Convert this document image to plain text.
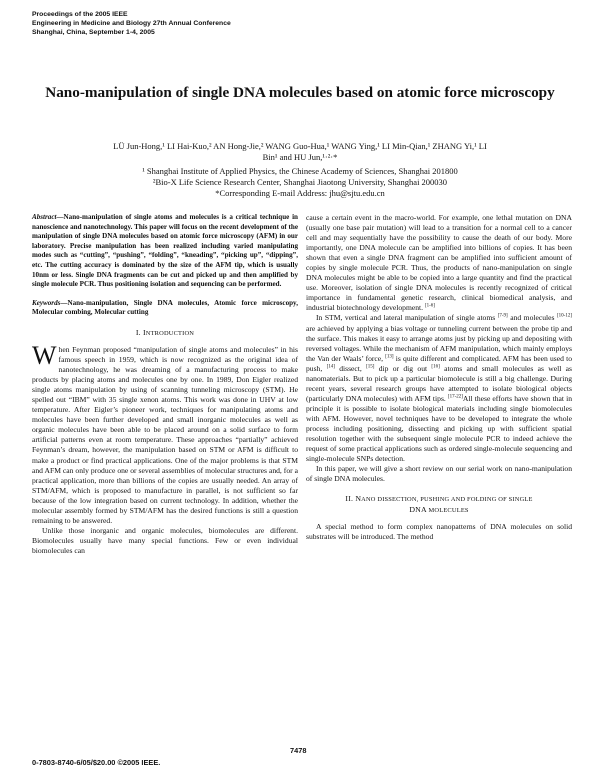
Proceedings of the 2005 IEEE
Engineering in Medicine and Biology 27th Annual Conference
Shanghai, China, September 1-4, 2005
Nano-manipulation of single DNA molecules based on atomic force microscopy
LÜ Jun-Hong,¹ LI Hai-Kuo,² AN Hong-Jie,² WANG Guo-Hua,¹ WANG Ying,¹ LI Min-Qian,¹ ZHANG Yi,¹ LI
Bin¹ and HU Jun,¹·²·*
¹ Shanghai Institute of Applied Physics, the Chinese Academy of Sciences, Shanghai 201800
²Bio-X Life Science Research Center, Shanghai Jiaotong University, Shanghai 200030
*Corresponding E-mail Address: jhu@sjtu.edu.cn

Abstract—Nano-manipulation of single atoms and molecules is a critical technique in nanoscience and nanotechnology. This paper will focus on the recent development of the manipulation of single DNA molecules based on atomic force microscopy (AFM) in our laboratory. Precise manipulation has been realized including varied manipulating modes such as “cutting”, “pushing”, “folding”, “kneading”, “picking up”, “dipping”, etc. The cutting accuracy is dominated by the size of the AFM tip, which is usually 10nm or less. Single DNA fragments can be cut and picked up and then amplified by single molecule PCR. Thus positioning isolation and sequencing can be performed.

Keywords—Nano-manipulation, Single DNA molecules, Atomic force microscopy, Molecular combing, Molecular cutting

I. INTRODUCTION

When Feynman proposed “manipulation of single atoms and molecules” in his famous speech in 1959, which is now recognized as the original idea of nanotechnology, he was dreaming of a manufacturing process to make products by placing atoms and molecules one by one. In 1989, Don Eigler realized single atoms manipulation by using of scanning tunneling microscopy (STM). He spelled out “IBM” with 35 single xenon atoms. This work was done in UHV at low temperature. After Eigler’s pioneer work, techniques for manipulating atoms and molecules have been further developed and small inorganic molecules as well as organic molecules have been able to be placed around on a solid surface to form artificial patterns even at room temperature. These approaches “partially” achieved Feynman’s dream, however, the manipulation based on STM or AFM is difficult to make a product or find practical applications. One of the major problems is that STM and AFM can only produce one or several assemblies of molecular structures and, for a practical application, more than billions of the copies are usually needed. An array of STM/AFM, which is proposed to manufacture in parallel, is not sufficient so far because of the low integration based on current technology. In addition, whether the molecular assembly formed by STM/AFM has the desired functions is still a question remaining to be answered.

Unlike those inorganic and organic molecules, biomolecules are different. Biomolecules usually have many special functions. Few or even individual biomolecules can

cause a certain event in the macro-world. For example, one lethal mutation on DNA (usually one base pair mutation) will lead to a transition for a normal cell to a cancer cell and may sequentially have the possibility to cause the death of our body. More importantly, one DNA molecule can be amplified into billions of copies. It has been shown that even a single DNA fragment can be amplified into sufficient amount of copies by single molecule PCR. Thus, the products of nano-manipulation on single DNA molecules might be able to be copied into a large quantity and find the practical use. Moreover, isolation of single DNA molecules is recently recognized of critical importance in fundamental genetic research, clinical biomedical analysis, and industrial biotechnology development. [1-6]

In STM, vertical and lateral manipulation of single atoms [7-9] and molecules [10-12] are achieved by applying a bias voltage or tunneling current between the probe tip and the surface. This makes it easy to arrange atoms just by picking up and depositing with reversed voltages. While the mechanism of AFM manipulation, which mainly employs the Van der Waals’ force, [13] is quite different and complicated. AFM has been used to push, [14] dissect, [15] dip or dig out [16] atoms and small molecules as well as nanomaterials. But to pick up a particular biomolecule is still a big challenge. During recent years, several research groups have attempted to isolate biological objects (particularly DNA molecules) with AFM tips. [17-22]All these efforts have shown that in principle it is possible to isolate biological materials including single biomolecules with AFM. However, novel techniques have to be developed to integrate the whole process including positioning, dissecting and picking up with sufficient spatial resolution together with the subsequent single molecule PCR to indeed achieve the request of some practical applications such as ordered single-molecule sequencing and single-molecule SNPs detection.

In this paper, we will give a short review on our serial work on nano-manipulation of single DNA molecules.

II. NANO DISSECTION, PUSHING AND FOLDING OF SINGLE
DNA MOLECULES

A special method to form complex nanopatterns of DNA molecules on solid substrates will be introduced. The method

7478
0-7803-8740-6/05/$20.00 ©2005 IEEE.
